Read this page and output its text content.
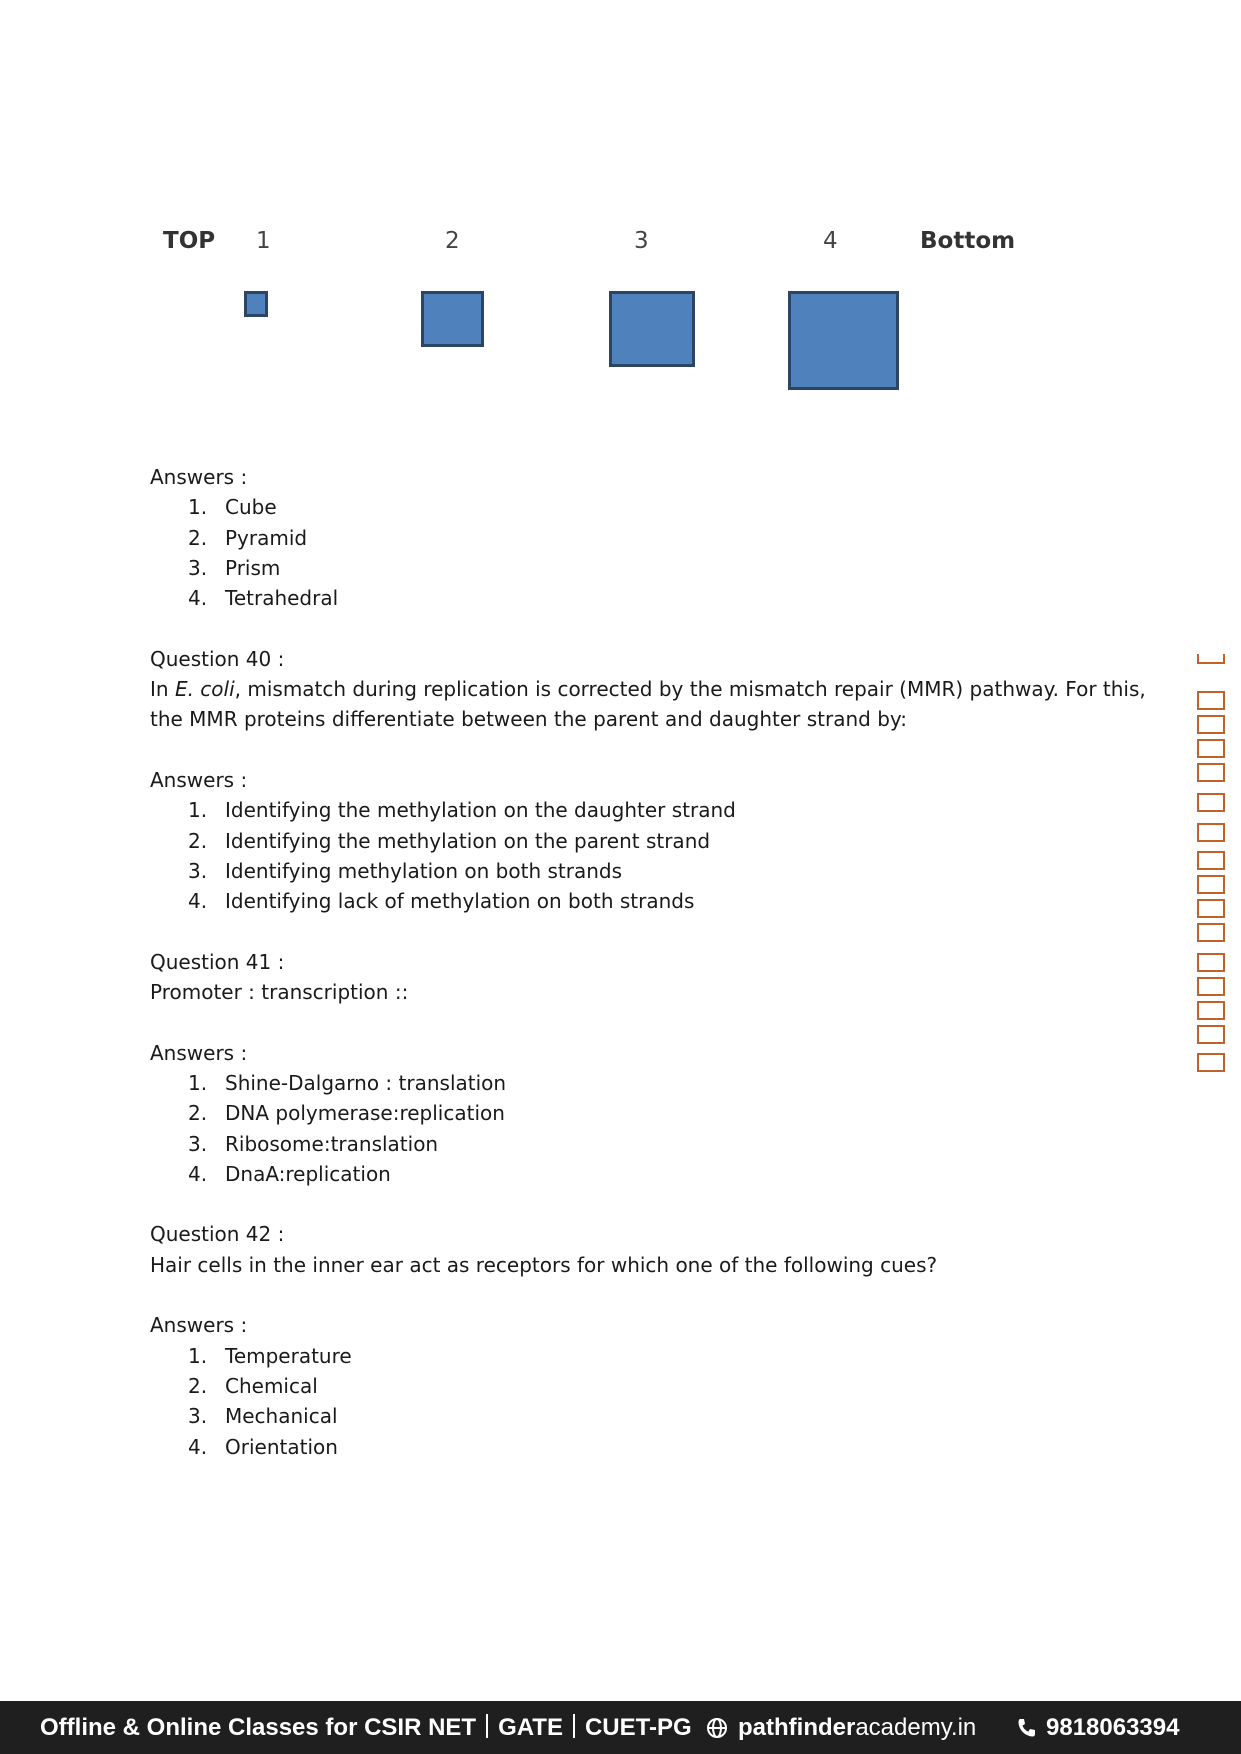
TOP 1	2	3	4	Bottom
Answers :
1. Cube
2. Pyramid
3. Prism
4. Tetrahedral
Question 40 :
In E. coli, mismatch during replication is corrected by the mismatch repair (MMR) pathway. For this,
the MMR proteins differentiate between the parent and daughter strand by:
Answers :
1. Identifying the methylation on the daughter strand
2. Identifying the methylation on the parent strand
3. Identifying methylation on both strands
4. Identifying lack of methylation on both strands
Question 41 :
Promoter : transcription ::
Answers :
1. Shine-Dalgarno : translation
2. DNA polymerase:replication
3. Ribosome:translation
4. DnaA:replication
Question 42 :
Hair cells in the inner ear act as receptors for which one of the following cues?
Answers :
1. Temperature
2. Chemical
3. Mechanical
4. Orientation
Offline & Online Classes for CSIR NET GATE CUET-PG	pathfinderacademy.in	9818063394
